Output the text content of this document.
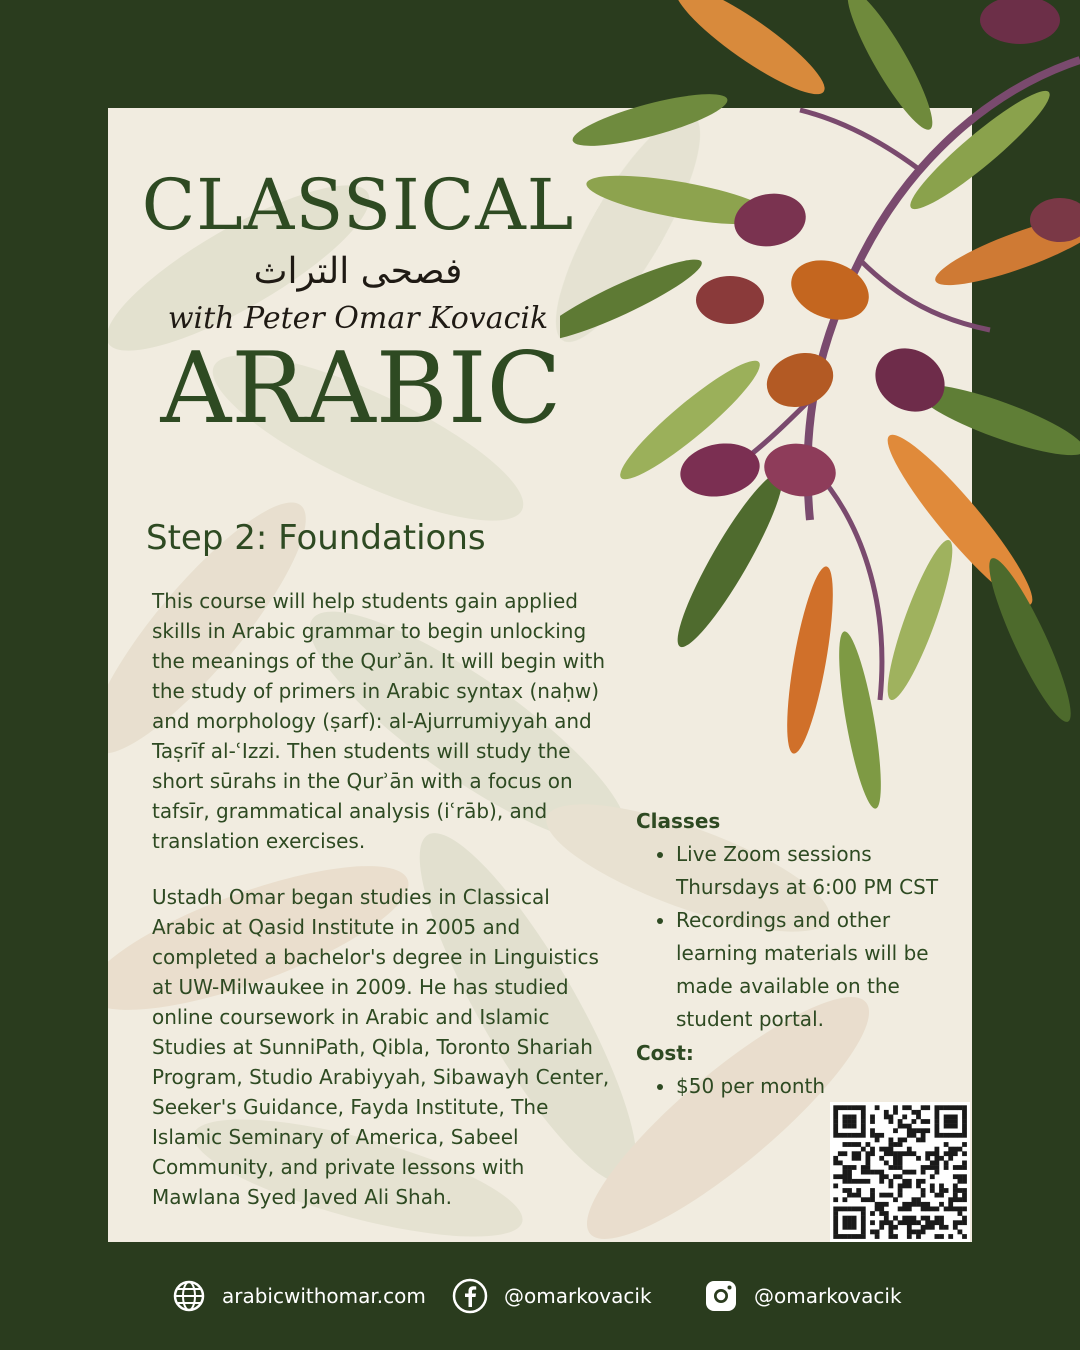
CLASSICAL
فصحى التراث
with Peter Omar Kovacik
ARABIC
Step 2: Foundations

This course will help students gain applied skills in Arabic grammar to begin unlocking the meanings of the Qurʾān. It will begin with the study of primers in Arabic syntax (naḥw) and morphology (ṣarf): al-Ajurrumiyyah and Taṣrīf al-ʿIzzi. Then students will study the short sūrahs in the Qurʾān with a focus on tafsīr, grammatical analysis (iʿrāb), and translation exercises.

Ustadh Omar began studies in Classical Arabic at Qasid Institute in 2005 and completed a bachelor's degree in Linguistics at UW-Milwaukee in 2009. He has studied online coursework in Arabic and Islamic Studies at SunniPath, Qibla, Toronto Shariah Program, Studio Arabiyyah, Sibawayh Center, Seeker's Guidance, Fayda Institute, The Islamic Seminary of America, Sabeel Community, and private lessons with Mawlana Syed Javed Ali Shah.

Classes
• Live Zoom sessions Thursdays at 6:00 PM CST
• Recordings and other learning materials will be made available on the student portal.
Cost:
• $50 per month
arabicwithomar.com	@omarkovacik	@omarkovacik
